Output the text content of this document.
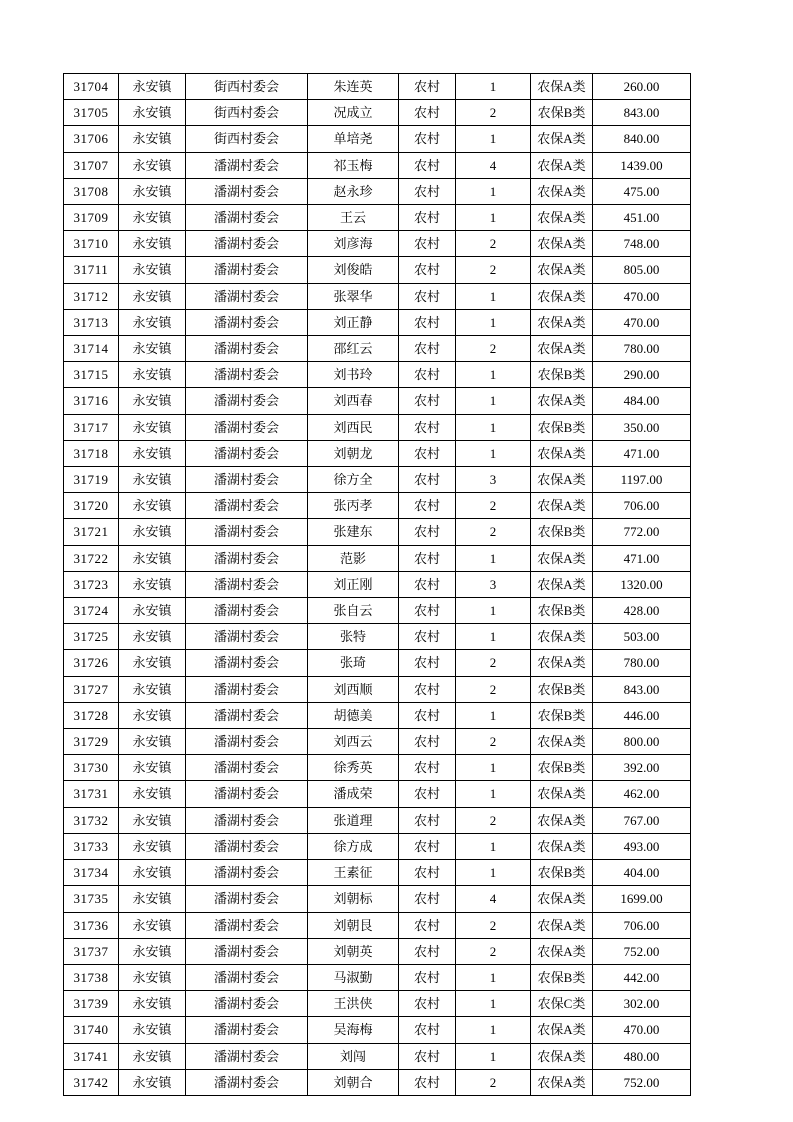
31704	永安镇	街西村委会	朱连英	农村	1	农保A类	260.00
31705	永安镇	街西村委会	况成立	农村	2	农保B类	843.00
31706	永安镇	街西村委会	单培尧	农村	1	农保A类	840.00
31707	永安镇	潘湖村委会	祁玉梅	农村	4	农保A类	1439.00
31708	永安镇	潘湖村委会	赵永珍	农村	1	农保A类	475.00
31709	永安镇	潘湖村委会	王云	农村	1	农保A类	451.00
31710	永安镇	潘湖村委会	刘彦海	农村	2	农保A类	748.00
31711	永安镇	潘湖村委会	刘俊皓	农村	2	农保A类	805.00
31712	永安镇	潘湖村委会	张翠华	农村	1	农保A类	470.00
31713	永安镇	潘湖村委会	刘正静	农村	1	农保A类	470.00
31714	永安镇	潘湖村委会	邵红云	农村	2	农保A类	780.00
31715	永安镇	潘湖村委会	刘书玲	农村	1	农保B类	290.00
31716	永安镇	潘湖村委会	刘西春	农村	1	农保A类	484.00
31717	永安镇	潘湖村委会	刘西民	农村	1	农保B类	350.00
31718	永安镇	潘湖村委会	刘朝龙	农村	1	农保A类	471.00
31719	永安镇	潘湖村委会	徐方全	农村	3	农保A类	1197.00
31720	永安镇	潘湖村委会	张丙孝	农村	2	农保A类	706.00
31721	永安镇	潘湖村委会	张建东	农村	2	农保B类	772.00
31722	永安镇	潘湖村委会	范影	农村	1	农保A类	471.00
31723	永安镇	潘湖村委会	刘正刚	农村	3	农保A类	1320.00
31724	永安镇	潘湖村委会	张自云	农村	1	农保B类	428.00
31725	永安镇	潘湖村委会	张特	农村	1	农保A类	503.00
31726	永安镇	潘湖村委会	张琦	农村	2	农保A类	780.00
31727	永安镇	潘湖村委会	刘西顺	农村	2	农保B类	843.00
31728	永安镇	潘湖村委会	胡德美	农村	1	农保B类	446.00
31729	永安镇	潘湖村委会	刘西云	农村	2	农保A类	800.00
31730	永安镇	潘湖村委会	徐秀英	农村	1	农保B类	392.00
31731	永安镇	潘湖村委会	潘成荣	农村	1	农保A类	462.00
31732	永安镇	潘湖村委会	张道理	农村	2	农保A类	767.00
31733	永安镇	潘湖村委会	徐方成	农村	1	农保A类	493.00
31734	永安镇	潘湖村委会	王素征	农村	1	农保B类	404.00
31735	永安镇	潘湖村委会	刘朝标	农村	4	农保A类	1699.00
31736	永安镇	潘湖村委会	刘朝艮	农村	2	农保A类	706.00
31737	永安镇	潘湖村委会	刘朝英	农村	2	农保A类	752.00
31738	永安镇	潘湖村委会	马淑勤	农村	1	农保B类	442.00
31739	永安镇	潘湖村委会	王洪侠	农村	1	农保C类	302.00
31740	永安镇	潘湖村委会	吴海梅	农村	1	农保A类	470.00
31741	永安镇	潘湖村委会	刘闯	农村	1	农保A类	480.00
31742	永安镇	潘湖村委会	刘朝合	农村	2	农保A类	752.00
